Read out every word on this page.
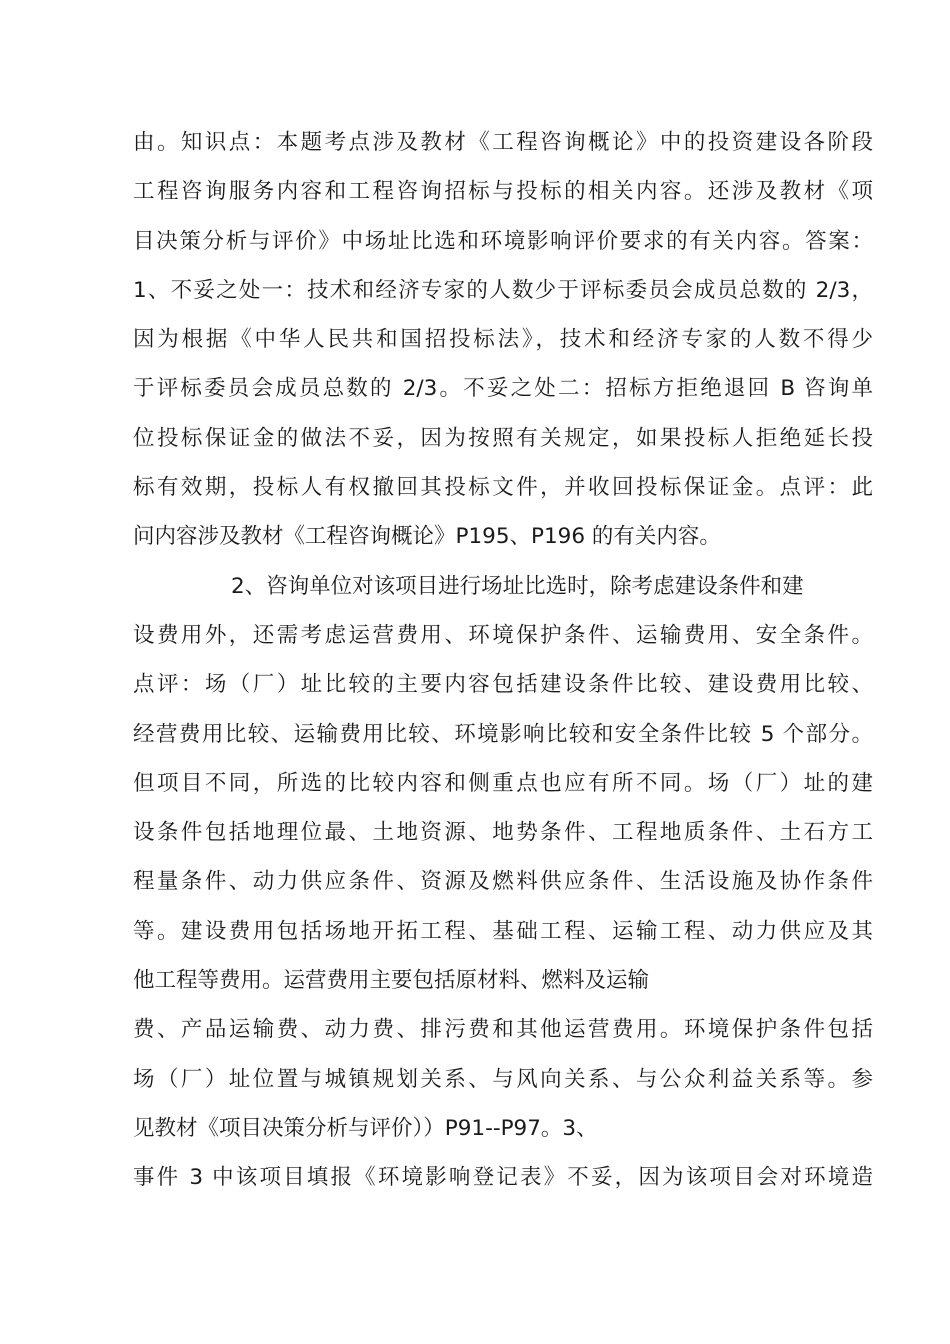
由。知识点：本题考点涉及教材《工程咨询概论》中的投资建设各阶段
工程咨询服务内容和工程咨询招标与投标的相关内容。还涉及教材《项
目决策分析与评价》中场址比选和环境影响评价要求的有关内容。答案：
1、不妥之处一：技术和经济专家的人数少于评标委员会成员总数的 2/3，
因为根据《中华人民共和国招投标法》，技术和经济专家的人数不得少
于评标委员会成员总数的 2/3。不妥之处二：招标方拒绝退回 B 咨询单
位投标保证金的做法不妥，因为按照有关规定，如果投标人拒绝延长投
标有效期，投标人有权撤回其投标文件，并收回投标保证金。点评：此
问内容涉及教材《工程咨询概论》P195、P196 的有关内容。
2、咨询单位对该项目进行场址比选时，除考虑建设条件和建
设费用外，还需考虑运营费用、环境保护条件、运输费用、安全条件。
点评：场（厂）址比较的主要内容包括建设条件比较、建设费用比较、
经营费用比较、运输费用比较、环境影响比较和安全条件比较 5 个部分。
但项目不同，所选的比较内容和侧重点也应有所不同。场（厂）址的建
设条件包括地理位最、土地资源、地势条件、工程地质条件、土石方工
程量条件、动力供应条件、资源及燃料供应条件、生活设施及协作条件
等。建设费用包括场地开拓工程、基础工程、运输工程、动力供应及其
他工程等费用。运营费用主要包括原材料、燃料及运输
费、产品运输费、动力费、排污费和其他运营费用。环境保护条件包括
场（厂）址位置与城镇规划关系、与风向关系、与公众利益关系等。参
见教材《项目决策分析与评价））P91--P97。3、
事件 3 中该项目填报《环境影响登记表》不妥，因为该项目会对环境造
